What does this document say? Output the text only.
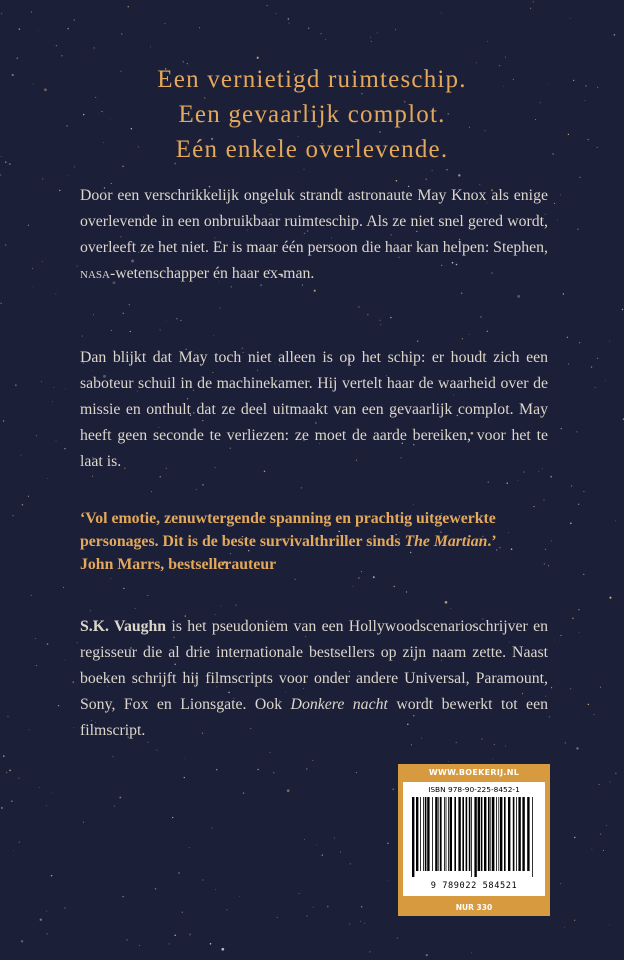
Een vernietigd ruimteschip.
Een gevaarlijk complot.
Eén enkele overlevende.

Door een verschrikkelijk ongeluk strandt astronaute May Knox als enige overlevende in een onbruikbaar ruimteschip. Als ze niet snel gered wordt, overleeft ze het niet. Er is maar één persoon die haar kan helpen: Stephen, nasa-wetenschapper én haar ex-man.

Dan blijkt dat May toch niet alleen is op het schip: er houdt zich een saboteur schuil in de machinekamer. Hij vertelt haar de waarheid over de missie en onthult dat ze deel uitmaakt van een gevaarlijk complot. May heeft geen seconde te verliezen: ze moet de aarde bereiken, voor het te laat is.

‘Vol emotie, zenuwtergende spanning en prachtig uitgewerkte personages. Dit is de beste survivalthriller sinds The Martian.’
John Marrs, bestsellerauteur

S.K. Vaughn is het pseudoniem van een Hollywoodscenarioschrijver en regisseur die al drie internationale bestsellers op zijn naam zette. Naast boeken schrijft hij filmscripts voor onder andere Universal, Paramount, Sony, Fox en Lionsgate. Ook Donkere nacht wordt bewerkt tot een filmscript.

WWW.BOEKERIJ.NL
ISBN 978-90-225-8452-1
9 789022 584521
NUR 330
